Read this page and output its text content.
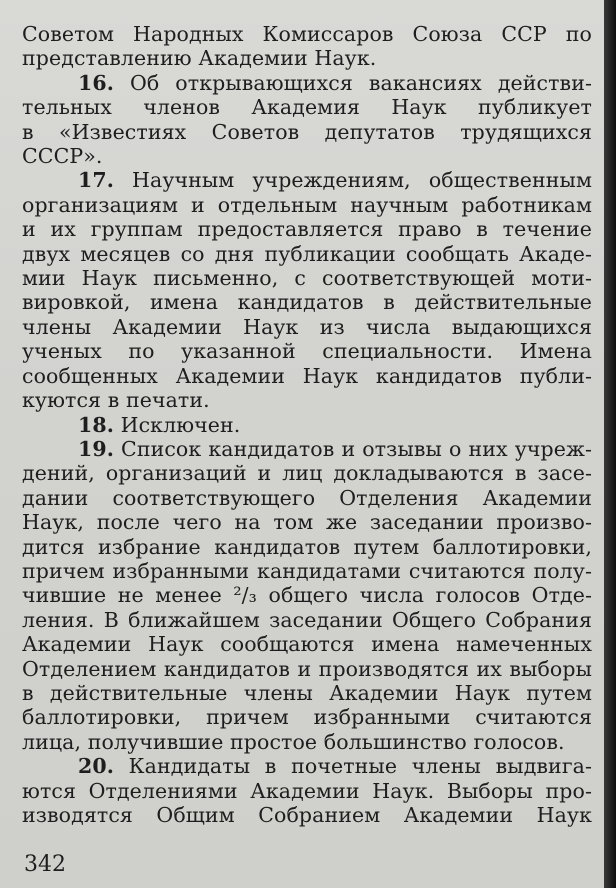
Советом Народных Комиссаров Союза ССР по

представлению Академии Наук.

16. Об открывающихся вакансиях действи-

тельных членов Академия Наук публикует

в «Известиях Советов депутатов трудящихся

СССР».

17. Научным учреждениям, общественным

организациям и отдельным научным работникам

и их группам предоставляется право в течение

двух месяцев со дня публикации сообщать Акаде-

мии Наук письменно, с соответствующей моти-

вировкой, имена кандидатов в действительные

члены Академии Наук из числа выдающихся

ученых по указанной специальности. Имена

сообщенных Академии Наук кандидатов публи-

куются в печати.

18. Исключен.

19. Список кандидатов и отзывы о них учреж-

дений, организаций и лиц докладываются в засе-

дании соответствующего Отделения Академии

Наук, после чего на том же заседании произво-

дится избрание кандидатов путем баллотировки,

причем избранными кандидатами считаются полу-

чившие не менее ²/₃ общего числа голосов Отде-

ления. В ближайшем заседании Общего Собрания

Академии Наук сообщаются имена намеченных

Отделением кандидатов и производятся их выборы

в действительные члены Академии Наук путем

баллотировки, причем избранными считаются

лица, получившие простое большинство голосов.

20. Кандидаты в почетные члены выдвига-

ются Отделениями Академии Наук. Выборы про-

изводятся Общим Собранием Академии Наук

342
